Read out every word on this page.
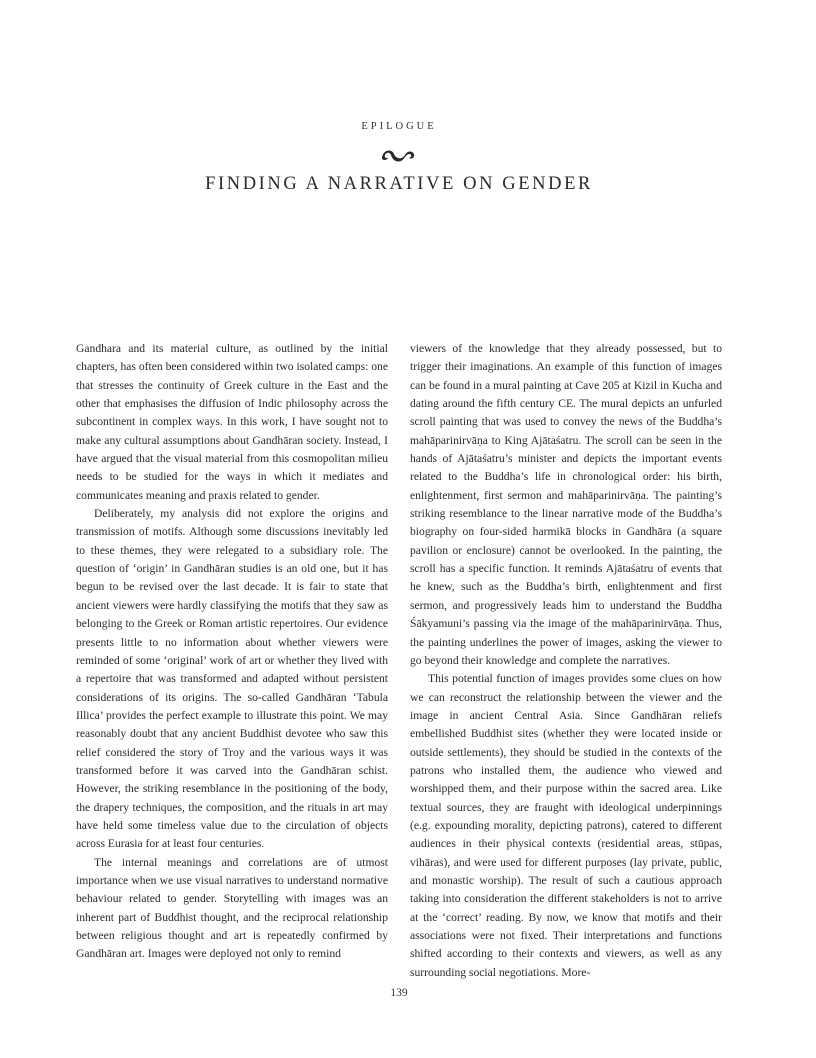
EPILOGUE
FINDING A NARRATIVE ON GENDER

Gandhara and its material culture, as outlined by the initial chapters, has often been considered within two isolated camps: one that stresses the continuity of Greek culture in the East and the other that emphasises the diffusion of Indic philosophy across the subcontinent in complex ways. In this work, I have sought not to make any cultural assumptions about Gandhāran society. Instead, I have argued that the visual material from this cosmopolitan milieu needs to be studied for the ways in which it mediates and communicates meaning and praxis related to gender.

Deliberately, my analysis did not explore the origins and transmission of motifs. Although some discussions inevitably led to these themes, they were relegated to a subsidiary role. The question of ‘origin’ in Gandhāran studies is an old one, but it has begun to be revised over the last decade. It is fair to state that ancient viewers were hardly classifying the motifs that they saw as belonging to the Greek or Roman artistic repertoires. Our evidence presents little to no information about whether viewers were reminded of some ‘original’ work of art or whether they lived with a repertoire that was transformed and adapted without persistent considerations of its origins. The so-called Gandhāran ‘Tabula Illica’ provides the perfect example to illustrate this point. We may reasonably doubt that any ancient Buddhist devotee who saw this relief considered the story of Troy and the various ways it was transformed before it was carved into the Gandhāran schist. However, the striking resemblance in the positioning of the body, the drapery techniques, the composition, and the rituals in art may have held some timeless value due to the circulation of objects across Eurasia for at least four centuries.

The internal meanings and correlations are of utmost importance when we use visual narratives to understand normative behaviour related to gender. Storytelling with images was an inherent part of Buddhist thought, and the reciprocal relationship between religious thought and art is repeatedly confirmed by Gandhāran art. Images were deployed not only to remind

viewers of the knowledge that they already possessed, but to trigger their imaginations. An example of this function of images can be found in a mural painting at Cave 205 at Kizil in Kucha and dating around the fifth century CE. The mural depicts an unfurled scroll painting that was used to convey the news of the Buddha’s mahāparinirvāṇa to King Ajātaśatru. The scroll can be seen in the hands of Ajātaśatru’s minister and depicts the important events related to the Buddha’s life in chronological order: his birth, enlightenment, first sermon and mahāparinirvāṇa. The painting’s striking resemblance to the linear narrative mode of the Buddha’s biography on four-sided harmikā blocks in Gandhāra (a square pavilion or enclosure) cannot be overlooked. In the painting, the scroll has a specific function. It reminds Ajātaśatru of events that he knew, such as the Buddha’s birth, enlightenment and first sermon, and progressively leads him to understand the Buddha Śākyamuni’s passing via the image of the mahāparinirvāṇa. Thus, the painting underlines the power of images, asking the viewer to go beyond their knowledge and complete the narratives.

This potential function of images provides some clues on how we can reconstruct the relationship between the viewer and the image in ancient Central Asia. Since Gandhāran reliefs embellished Buddhist sites (whether they were located inside or outside settlements), they should be studied in the contexts of the patrons who installed them, the audience who viewed and worshipped them, and their purpose within the sacred area. Like textual sources, they are fraught with ideological underpinnings (e.g. expounding morality, depicting patrons), catered to different audiences in their physical contexts (residential areas, stūpas, vihāras), and were used for different purposes (lay private, public, and monastic worship). The result of such a cautious approach taking into consideration the different stakeholders is not to arrive at the ‘correct’ reading. By now, we know that motifs and their associations were not fixed. Their interpretations and functions shifted according to their contexts and viewers, as well as any surrounding social negotiations. More-

139
